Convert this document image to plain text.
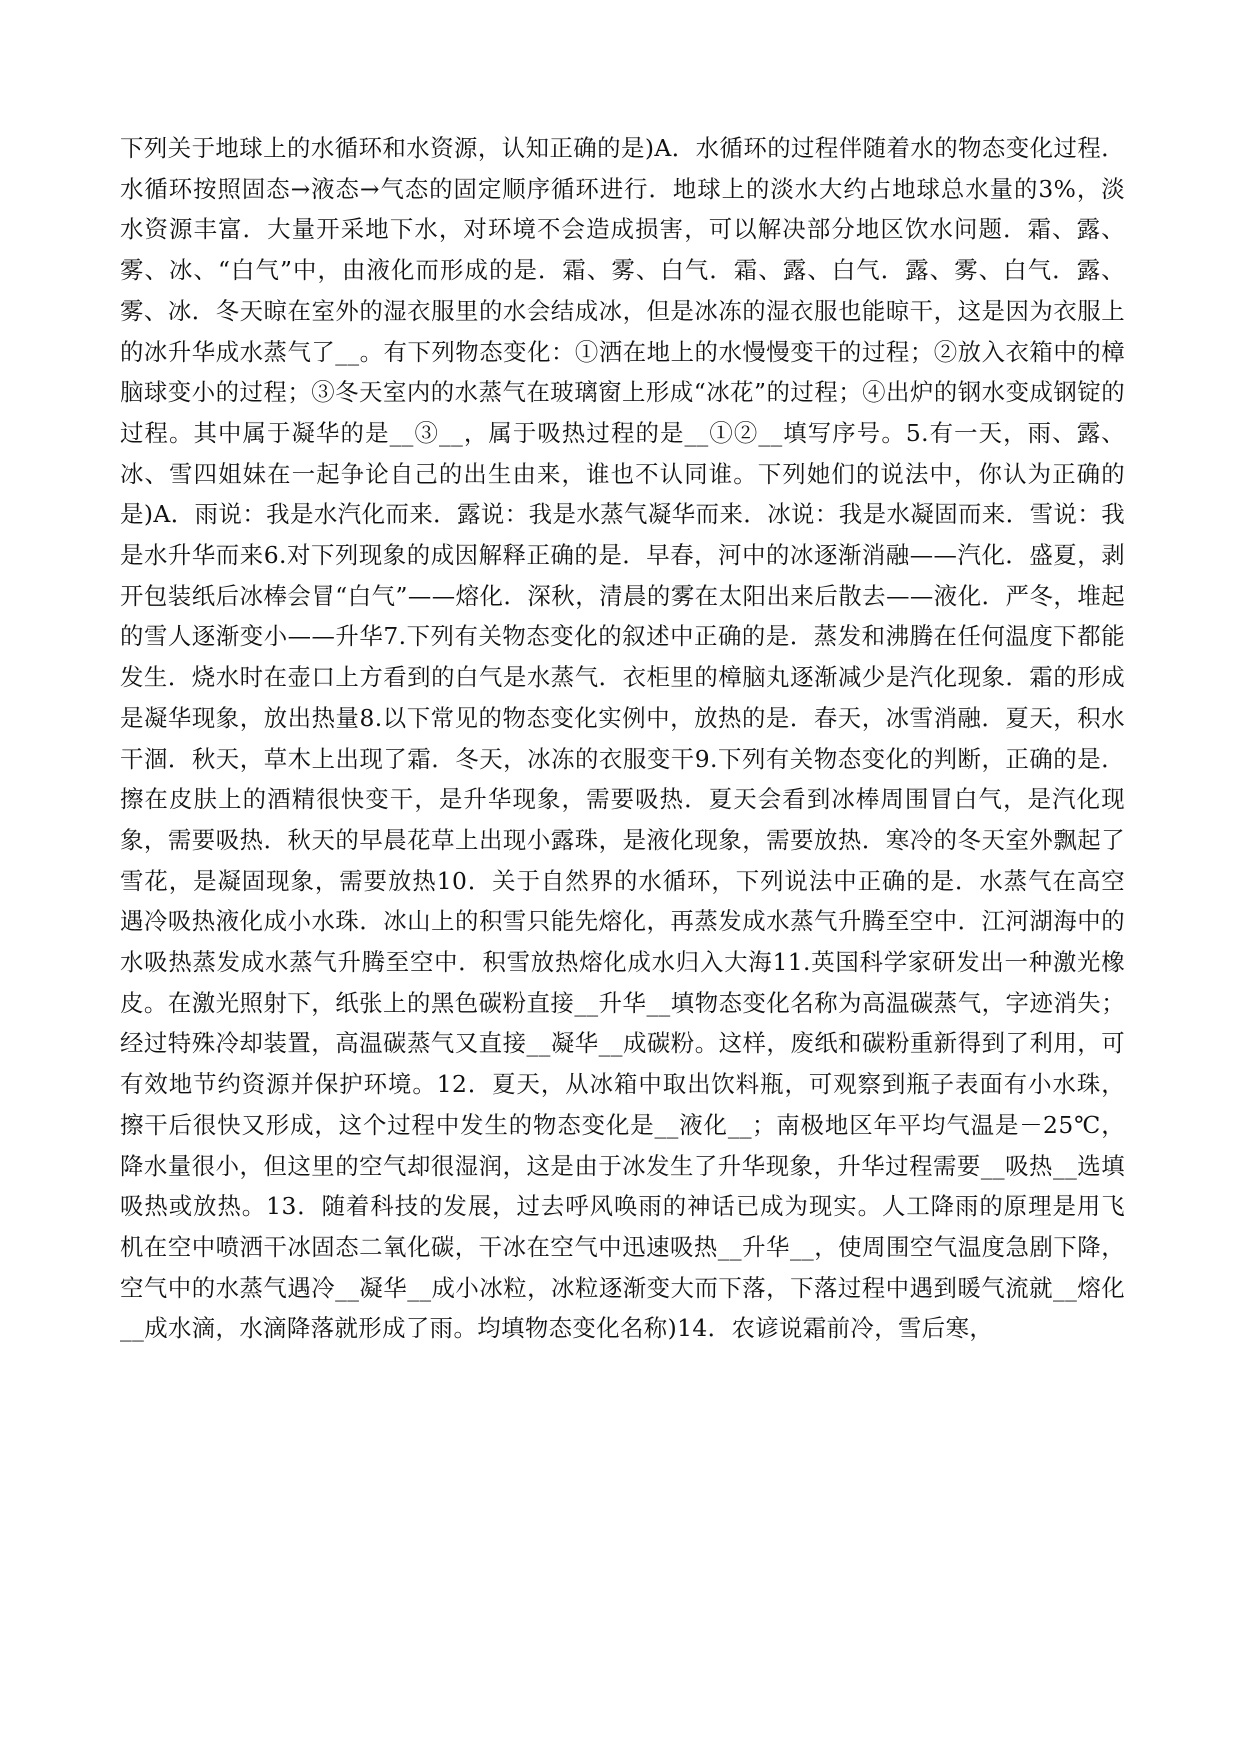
下列关于地球上的水循环和水资源，认知正确的是)A．水循环的过程伴随着水的物态变化过程．水循环按照固态→液态→气态的固定顺序循环进行．地球上的淡水大约占地球总水量的3%，淡水资源丰富．大量开采地下水，对环境不会造成损害，可以解决部分地区饮水问题．霜、露、雾、冰、“白气”中，由液化而形成的是．霜、雾、白气．霜、露、白气．露、雾、白气．露、雾、冰．冬天晾在室外的湿衣服里的水会结成冰，但是冰冻的湿衣服也能晾干，这是因为衣服上的冰升华成水蒸气了__。有下列物态变化：①洒在地上的水慢慢变干的过程；②放入衣箱中的樟脑球变小的过程；③冬天室内的水蒸气在玻璃窗上形成“冰花”的过程；④出炉的钢水变成钢锭的过程。其中属于凝华的是__③__，属于吸热过程的是__①②__填写序号。5.有一天，雨、露、冰、雪四姐妹在一起争论自己的出生由来，谁也不认同谁。下列她们的说法中，你认为正确的是)A．雨说：我是水汽化而来．露说：我是水蒸气凝华而来．冰说：我是水凝固而来．雪说：我是水升华而来6.对下列现象的成因解释正确的是．早春，河中的冰逐渐消融——汽化．盛夏，剥开包装纸后冰棒会冒“白气”——熔化．深秋，清晨的雾在太阳出来后散去——液化．严冬，堆起的雪人逐渐变小——升华7.下列有关物态变化的叙述中正确的是．蒸发和沸腾在任何温度下都能发生．烧水时在壶口上方看到的白气是水蒸气．衣柜里的樟脑丸逐渐减少是汽化现象．霜的形成是凝华现象，放出热量8.以下常见的物态变化实例中，放热的是．春天，冰雪消融．夏天，积水干涸．秋天，草木上出现了霜．冬天，冰冻的衣服变干9.下列有关物态变化的判断，正确的是．擦在皮肤上的酒精很快变干，是升华现象，需要吸热．夏天会看到冰棒周围冒白气，是汽化现象，需要吸热．秋天的早晨花草上出现小露珠，是液化现象，需要放热．寒冷的冬天室外飘起了雪花，是凝固现象，需要放热10．关于自然界的水循环，下列说法中正确的是．水蒸气在高空遇冷吸热液化成小水珠．冰山上的积雪只能先熔化，再蒸发成水蒸气升腾至空中．江河湖海中的水吸热蒸发成水蒸气升腾至空中．积雪放热熔化成水归入大海11.英国科学家研发出一种激光橡皮。在激光照射下，纸张上的黑色碳粉直接__升华__填物态变化名称为高温碳蒸气，字迹消失；经过特殊冷却装置，高温碳蒸气又直接__凝华__成碳粉。这样，废纸和碳粉重新得到了利用，可有效地节约资源并保护环境。12．夏天，从冰箱中取出饮料瓶，可观察到瓶子表面有小水珠，擦干后很快又形成，这个过程中发生的物态变化是__液化__；南极地区年平均气温是－25℃，降水量很小，但这里的空气却很湿润，这是由于冰发生了升华现象，升华过程需要__吸热__选填吸热或放热。13．随着科技的发展，过去呼风唤雨的神话已成为现实。人工降雨的原理是用飞机在空中喷洒干冰固态二氧化碳，干冰在空气中迅速吸热__升华__，使周围空气温度急剧下降，空气中的水蒸气遇冷__凝华__成小冰粒，冰粒逐渐变大而下落，下落过程中遇到暖气流就__熔化__成水滴，水滴降落就形成了雨。均填物态变化名称)14．农谚说霜前冷，雪后寒，
